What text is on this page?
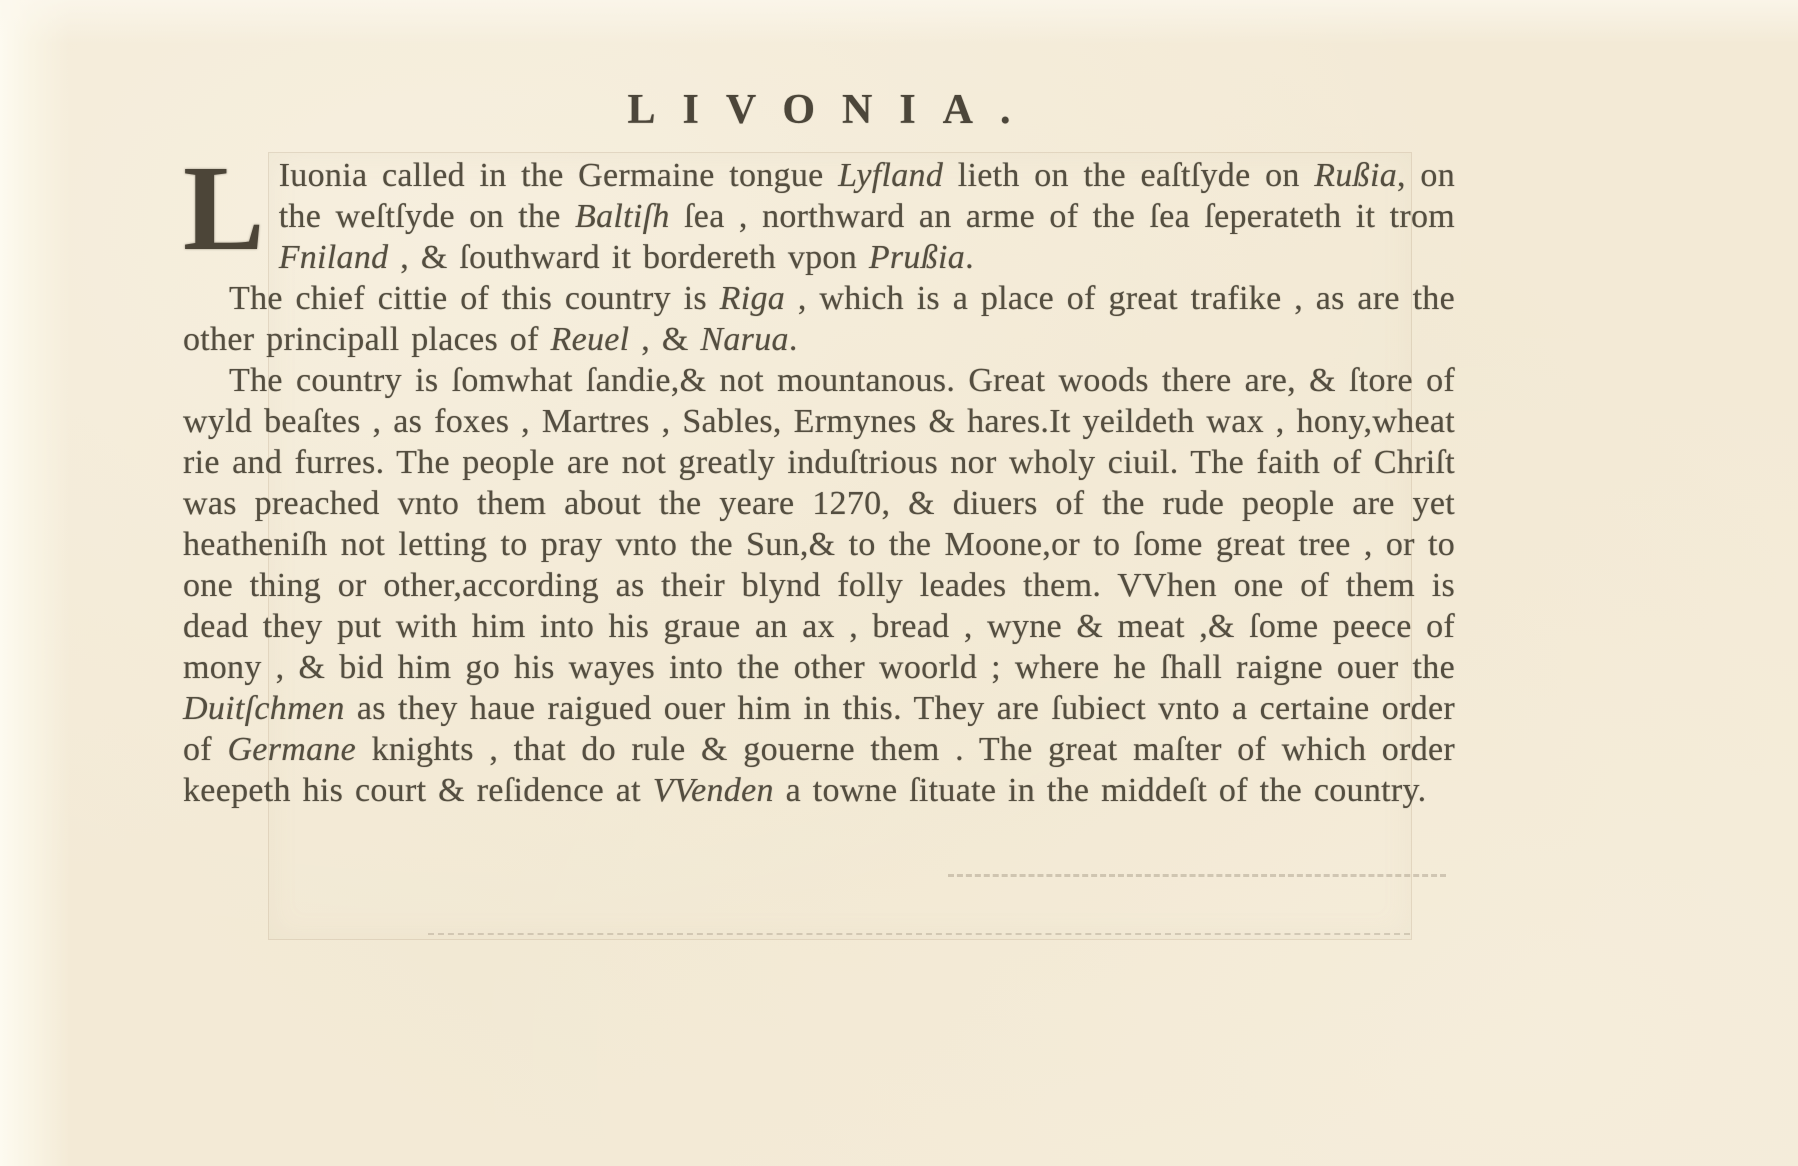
LIVONIA.

L Iuonia called in the Germaine tongue Lyfland lieth on the eaſtſyde on Rußia, on the weſtſyde on the Baltiſh ſea , northward an arme of the ſea ſeperateth it trom Fniland , & ſouthward it bordereth vpon Prußia.

The chief cittie of this country is Riga , which is a place of great trafike , as are the other principall places of Reuel , & Narua.

The country is ſomwhat ſandie,& not mountanous. Great woods there are, & ſtore of wyld beaſtes , as foxes , Martres , Sables, Ermynes & hares.It yeildeth wax , hony,wheat rie and furres. The people are not greatly induſtrious nor wholy ciuil. The faith of Chriſt was preached vnto them about the yeare 1270, & diuers of the rude people are yet heatheniſh not letting to pray vnto the Sun,& to the Moone,or to ſome great tree , or to one thing or other,according as their blynd folly leades them. VVhen one of them is dead they put with him into his graue an ax , bread , wyne & meat ,& ſome peece of mony , & bid him go his wayes into the other woorld ; where he ſhall raigne ouer the Duitſchmen as they haue raigued ouer him in this. They are ſubiect vnto a certaine order of Germane knights , that do rule & gouerne them . The great maſter of which order keepeth his court & reſidence at VVenden a towne ſituate in the middeſt of the country.
